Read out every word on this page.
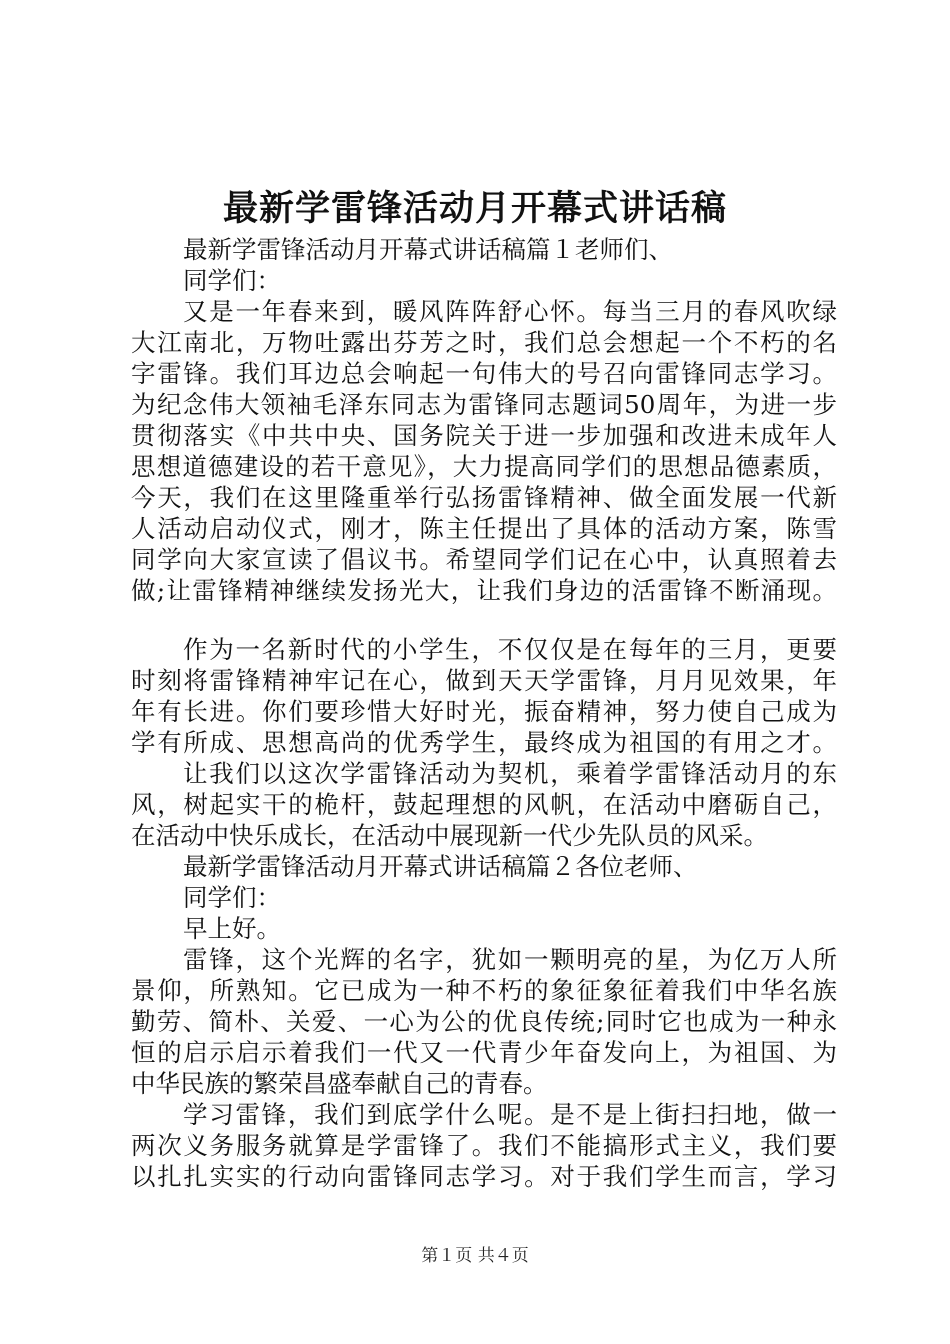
最新学雷锋活动月开幕式讲话稿
最新学雷锋活动月开幕式讲话稿篇１老师们、
同学们：
又是一年春来到，暖风阵阵舒心怀。每当三月的春风吹绿
大江南北，万物吐露出芬芳之时，我们总会想起一个不朽的名
字雷锋。我们耳边总会响起一句伟大的号召向雷锋同志学习。
为纪念伟大领袖毛泽东同志为雷锋同志题词50周年，为进一步
贯彻落实《中共中央、国务院关于进一步加强和改进未成年人
思想道德建设的若干意见》，大力提高同学们的思想品德素质，
今天，我们在这里隆重举行弘扬雷锋精神、做全面发展一代新
人活动启动仪式，刚才，陈主任提出了具体的活动方案，陈雪
同学向大家宣读了倡议书。希望同学们记在心中，认真照着去
做;让雷锋精神继续发扬光大，让我们身边的活雷锋不断涌现。
作为一名新时代的小学生，不仅仅是在每年的三月，更要
时刻将雷锋精神牢记在心，做到天天学雷锋，月月见效果，年
年有长进。你们要珍惜大好时光，振奋精神，努力使自己成为
学有所成、思想高尚的优秀学生，最终成为祖国的有用之才。
让我们以这次学雷锋活动为契机，乘着学雷锋活动月的东
风，树起实干的桅杆，鼓起理想的风帆，在活动中磨砺自己，
在活动中快乐成长，在活动中展现新一代少先队员的风采。
最新学雷锋活动月开幕式讲话稿篇２各位老师、
同学们：
早上好。
雷锋，这个光辉的名字，犹如一颗明亮的星，为亿万人所
景仰，所熟知。它已成为一种不朽的象征象征着我们中华名族
勤劳、简朴、关爱、一心为公的优良传统;同时它也成为一种永
恒的启示启示着我们一代又一代青少年奋发向上，为祖国、为
中华民族的繁荣昌盛奉献自己的青春。
学习雷锋，我们到底学什么呢。是不是上街扫扫地，做一
两次义务服务就算是学雷锋了。我们不能搞形式主义，我们要
以扎扎实实的行动向雷锋同志学习。对于我们学生而言，学习
第１页 共４页
